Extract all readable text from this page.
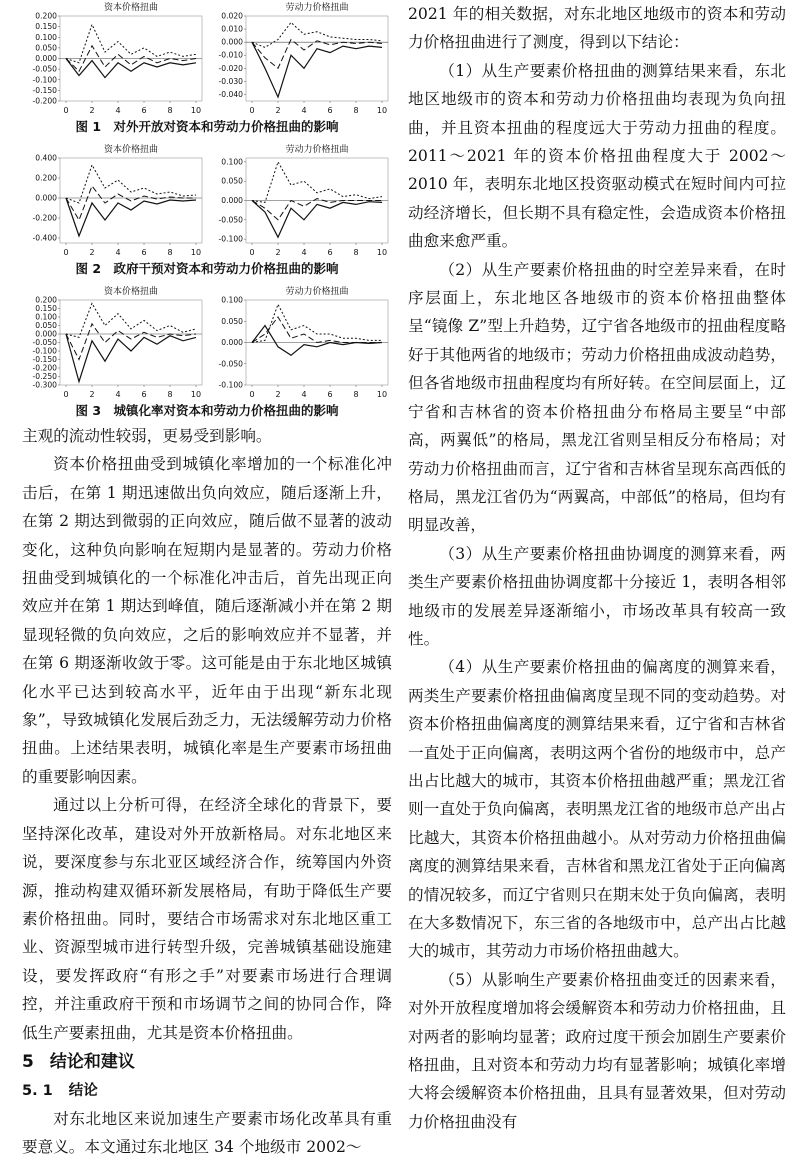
资本价格扭曲
0.200
0.150
0.100
0.050
0.000
-0.050
-0.100
-0.150
-0.200
0	2	4	6	8 10
劳动力价格扭曲
0.020
0.010
0.000
-0.010
-0.020
-0.030
-0.040
0	2	4	6	8 10

图 1　对外开放对资本和劳动力价格扭曲的影响

资本价格扭曲
0.400
0.200
0.000
-0.200
-0.400
0	2	4	6	8 10
劳动力价格扭曲
0.100
0.050
0.000
-0.050
-0.100
0	2	4	6	8 10

图 2　政府干预对资本和劳动力价格扭曲的影响

资本价格扭曲
0.200
0.150
0.100
0.050
0.000
-0.050
-0.100
-0.150
-0.200
-0.250
-0.300
0	2	4	6	8 10
劳动力价格扭曲
0.100
0.050
0.000
-0.050
-0.100
0	2	4	6	8 10

图 3　城镇化率对资本和劳动力价格扭曲的影响

主观的流动性较弱，更易受到影响。

资本价格扭曲受到城镇化率增加的一个标准化冲击后，在第 1 期迅速做出负向效应，随后逐渐上升，在第 2 期达到微弱的正向效应，随后做不显著的波动变化，这种负向影响在短期内是显著的。劳动力价格扭曲受到城镇化的一个标准化冲击后，首先出现正向效应并在第 1 期达到峰值，随后逐渐减小并在第 2 期显现轻微的负向效应，之后的影响效应并不显著，并在第 6 期逐渐收敛于零。这可能是由于东北地区城镇化水平已达到较高水平，近年由于出现“新东北现象”，导致城镇化发展后劲乏力，无法缓解劳动力价格扭曲。上述结果表明，城镇化率是生产要素市场扭曲的重要影响因素。

通过以上分析可得，在经济全球化的背景下，要坚持深化改革，建设对外开放新格局。对东北地区来说，要深度参与东北亚区域经济合作，统筹国内外资源，推动构建双循环新发展格局，有助于降低生产要素价格扭曲。同时，要结合市场需求对东北地区重工业、资源型城市进行转型升级，完善城镇基础设施建设，要发挥政府“有形之手”对要素市场进行合理调控，并注重政府干预和市场调节之间的协同合作，降低生产要素扭曲，尤其是资本价格扭曲。

5 结论和建议

5. 1 结论

对东北地区来说加速生产要素市场化改革具有重要意义。本文通过东北地区 34 个地级市 2002～

2021 年的相关数据，对东北地区地级市的资本和劳动力价格扭曲进行了测度，得到以下结论：

（1）从生产要素价格扭曲的测算结果来看，东北地区地级市的资本和劳动力价格扭曲均表现为负向扭曲，并且资本扭曲的程度远大于劳动力扭曲的程度。2011～2021 年的资本价格扭曲程度大于 2002～2010 年，表明东北地区投资驱动模式在短时间内可拉动经济增长，但长期不具有稳定性，会造成资本价格扭曲愈来愈严重。

（2）从生产要素价格扭曲的时空差异来看，在时序层面上，东北地区各地级市的资本价格扭曲整体呈“镜像 Z”型上升趋势，辽宁省各地级市的扭曲程度略好于其他两省的地级市；劳动力价格扭曲成波动趋势，但各省地级市扭曲程度均有所好转。在空间层面上，辽宁省和吉林省的资本价格扭曲分布格局主要呈“中部高，两翼低”的格局，黑龙江省则呈相反分布格局；对劳动力价格扭曲而言，辽宁省和吉林省呈现东高西低的格局，黑龙江省仍为“两翼高，中部低”的格局，但均有明显改善，

（3）从生产要素价格扭曲协调度的测算来看，两类生产要素价格扭曲协调度都十分接近 1，表明各相邻地级市的发展差异逐渐缩小，市场改革具有较高一致性。

（4）从生产要素价格扭曲的偏离度的测算来看，两类生产要素价格扭曲偏离度呈现不同的变动趋势。对资本价格扭曲偏离度的测算结果来看，辽宁省和吉林省一直处于正向偏离，表明这两个省份的地级市中，总产出占比越大的城市，其资本价格扭曲越严重；黑龙江省则一直处于负向偏离，表明黑龙江省的地级市总产出占比越大，其资本价格扭曲越小。从对劳动力价格扭曲偏离度的测算结果来看，吉林省和黑龙江省处于正向偏离的情况较多，而辽宁省则只在期末处于负向偏离，表明在大多数情况下，东三省的各地级市中，总产出占比越大的城市，其劳动力市场价格扭曲越大。

（5）从影响生产要素价格扭曲变迁的因素来看，对外开放程度增加将会缓解资本和劳动力价格扭曲，且对两者的影响均显著；政府过度干预会加剧生产要素价格扭曲，且对资本和劳动力均有显著影响；城镇化率增大将会缓解资本价格扭曲，且具有显著效果，但对劳动力价格扭曲没有
